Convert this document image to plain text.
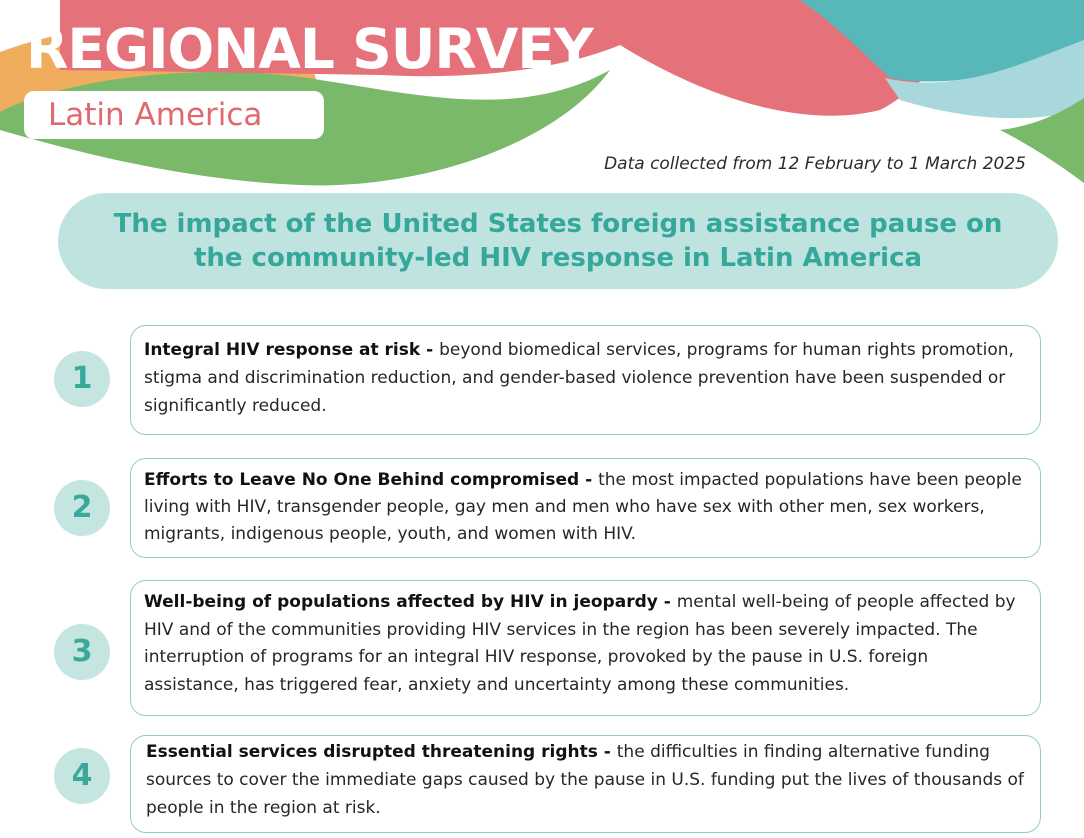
REGIONAL SURVEY
Latin America
Data collected from 12 February to 1 March 2025
The impact of the United States foreign assistance pause on
the community-led HIV response in Latin America
1
Integral HIV response at risk - beyond biomedical services, programs for human rights promotion, stigma and discrimination reduction, and gender-based violence prevention have been suspended or significantly reduced.
2
Efforts to Leave No One Behind compromised - the most impacted populations have been people living with HIV, transgender people, gay men and men who have sex with other men, sex workers, migrants, indigenous people, youth, and women with HIV.
3
Well-being of populations affected by HIV in jeopardy - mental well-being of people affected by HIV and of the communities providing HIV services in the region has been severely impacted. The interruption of programs for an integral HIV response, provoked by the pause in U.S. foreign assistance, has triggered fear, anxiety and uncertainty among these communities.
4
Essential services disrupted threatening rights - the difficulties in finding alternative funding sources to cover the immediate gaps caused by the pause in U.S. funding put the lives of thousands of people in the region at risk.
